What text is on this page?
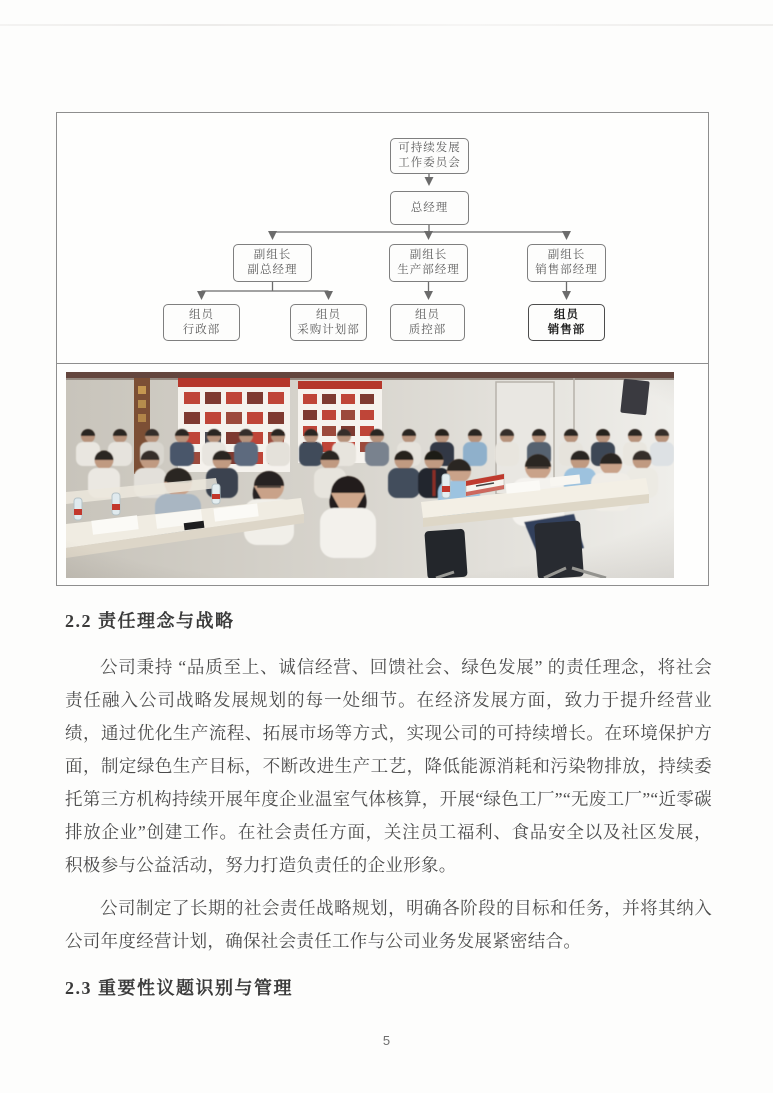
可持续发展
工作委员会
总经理
副组长
副总经理
副组长
生产部经理
副组长
销售部经理
组员
行政部
组员
采购计划部
组员
质控部
组员
销售部
2.2 责任理念与战略

公司秉持 “品质至上、诚信经营、回馈社会、绿色发展” 的责任理念，将社会责任融入公司战略发展规划的每一处细节。在经济发展方面，致力于提升经营业绩，通过优化生产流程、拓展市场等方式，实现公司的可持续增长。在环境保护方面，制定绿色生产目标，不断改进生产工艺，降低能源消耗和污染物排放，持续委托第三方机构持续开展年度企业温室气体核算，开展“绿色工厂”“无废工厂”“近零碳排放企业”创建工作。在社会责任方面，关注员工福利、食品安全以及社区发展，积极参与公益活动，努力打造负责任的企业形象。

公司制定了长期的社会责任战略规划，明确各阶段的目标和任务，并将其纳入公司年度经营计划，确保社会责任工作与公司业务发展紧密结合。

2.3 重要性议题识别与管理
5
